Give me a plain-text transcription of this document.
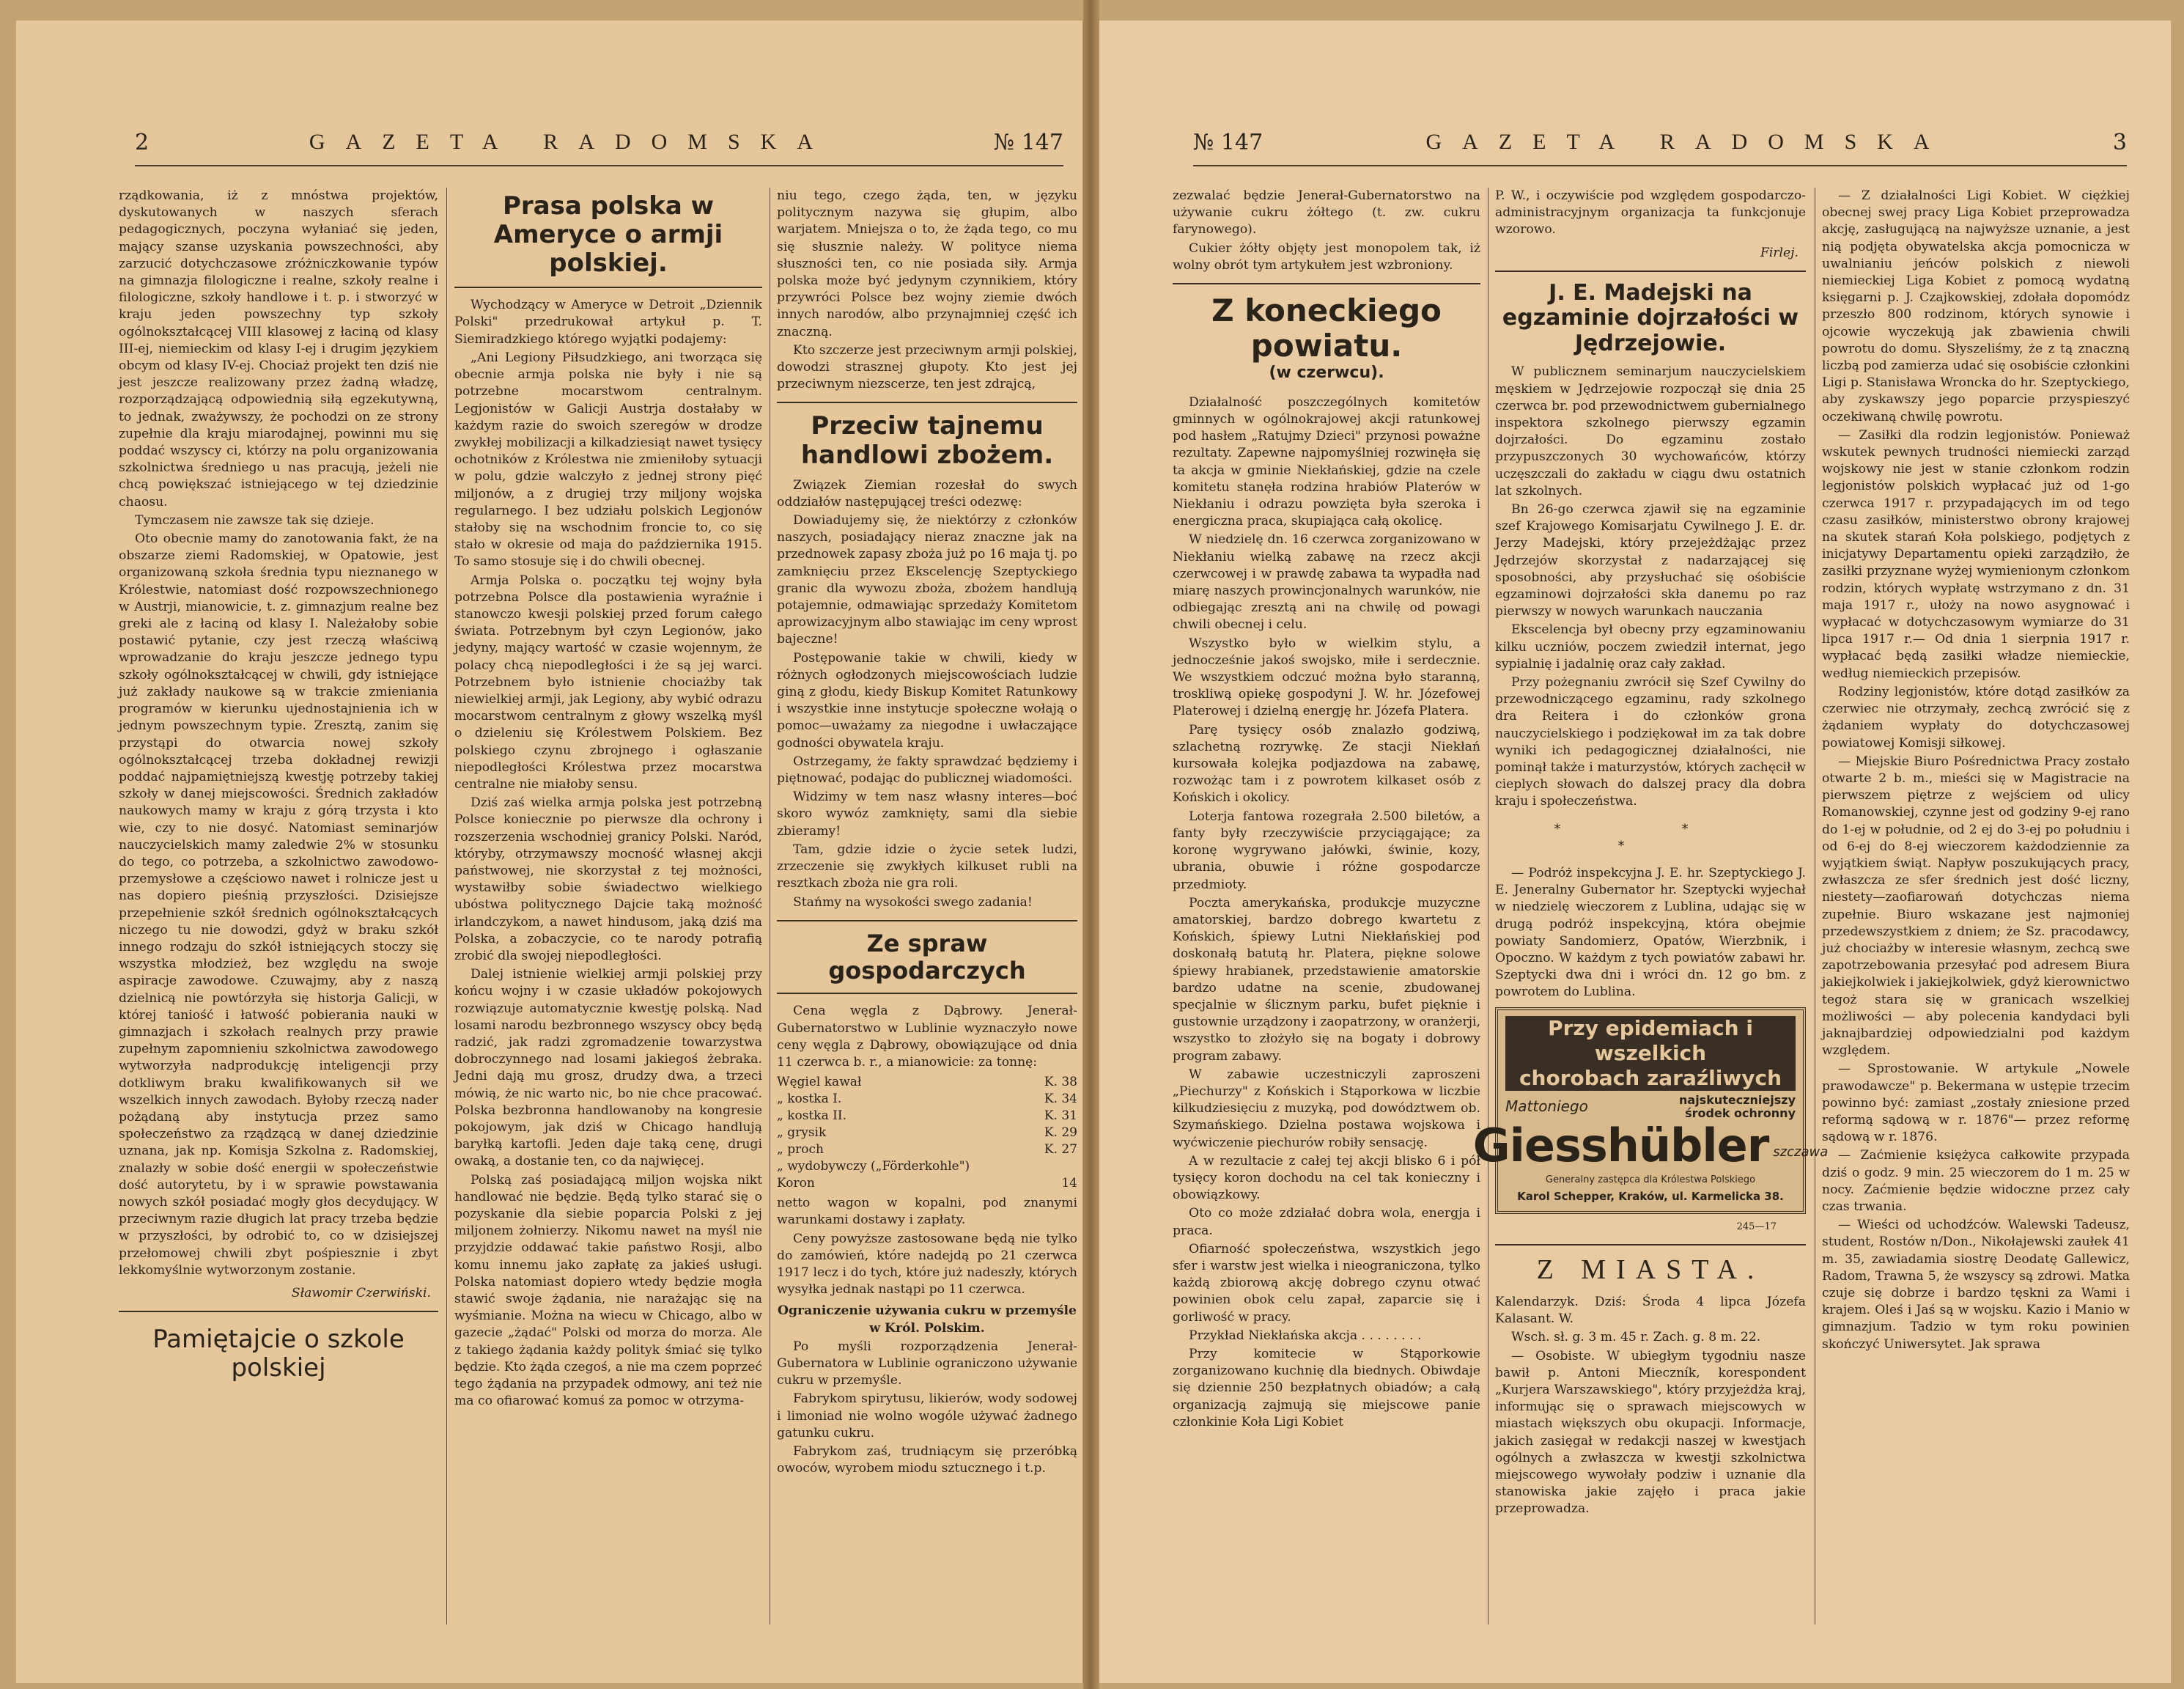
2	GAZETA RADOMSKA	№ 147

rządkowania, iż z mnóstwa projektów, dyskutowanych w naszych sferach pedagogicznych, poczyna wyłaniać się jeden, mający szanse uzyskania powszechności, aby zarzucić dotychczasowe zróżniczkowanie typów na gimnazja filologiczne i realne, szkoły realne i filologiczne, szkoły handlowe i t. p. i stworzyć w kraju jeden powszechny typ szkoły ogólnokształcącej VIII klasowej z łaciną od klasy III-ej, niemieckim od klasy I-ej i drugim językiem obcym od klasy IV-ej. Chociaż projekt ten dziś nie jest jeszcze realizowany przez żadną władzę, rozporządzającą odpowiednią siłą egzekutywną, to jednak, zważywszy, że pochodzi on ze strony zupełnie dla kraju miarodajnej, powinni mu się poddać wszyscy ci, którzy na polu organizowania szkolnictwa średniego u nas pracują, jeżeli nie chcą powiększać istniejącego w tej dziedzinie chaosu.

Tymczasem nie zawsze tak się dzieje.

Oto obecnie mamy do zanotowania fakt, że na obszarze ziemi Radomskiej, w Opatowie, jest organizowaną szkoła średnia typu nieznanego w Królestwie, natomiast dość rozpowszechnionego w Austrji, mianowicie, t. z. gimnazjum realne bez greki ale z łaciną od klasy I. Należałoby sobie postawić pytanie, czy jest rzeczą właściwą wprowadzanie do kraju jeszcze jednego typu szkoły ogólnokształcącej w chwili, gdy istniejące już zakłady naukowe są w trakcie zmieniania programów w kierunku ujednostajnienia ich w jednym powszechnym typie. Zresztą, zanim się przystąpi do otwarcia nowej szkoły ogólnokształcącej trzeba dokładnej rewizji poddać najpamiętniejszą kwestję potrzeby takiej szkoły w danej miejscowości. Średnich zakładów naukowych mamy w kraju z górą trzysta i kto wie, czy to nie dosyć. Natomiast seminarjów nauczycielskich mamy zaledwie 2% w stosunku do tego, co potrzeba, a szkolnictwo zawodowo-przemysłowe a częściowo nawet i rolnicze jest u nas dopiero pieśnią przyszłości. Dzisiejsze przepełnienie szkół średnich ogólnokształcących niczego tu nie dowodzi, gdyż w braku szkół innego rodzaju do szkół istniejących stoczy się wszystka młodzież, bez względu na swoje aspiracje zawodowe. Czuwajmy, aby z naszą dzielnicą nie powtórzyła się historja Galicji, w której taniość i łatwość pobierania nauki w gimnazjach i szkołach realnych przy prawie zupełnym zapomnieniu szkolnictwa zawodowego wytworzyła nadprodukcję inteligencji przy dotkliwym braku kwalifikowanych sił we wszelkich innych zawodach. Byłoby rzeczą nader pożądaną aby instytucja przez samo społeczeństwo za rządzącą w danej dziedzinie uznana, jak np. Komisja Szkolna z. Radomskiej, znalazły w sobie dość energii w społeczeństwie dość autorytetu, by i w sprawie powstawania nowych szkół posiadać mogły głos decydujący. W przeciwnym razie długich lat pracy trzeba będzie w przyszłości, by odrobić to, co w dzisiejszej przełomowej chwili zbyt pośpiesznie i zbyt lekkomyślnie wytworzonym zostanie.

Sławomir Czerwiński.
Pamiętajcie o szkole polskiej
Prasa polska w Ameryce o armji polskiej.

Wychodzący w Ameryce w Detroit „Dziennik Polski" przedrukował artykuł p. T. Siemiradzkiego którego wyjątki podajemy:

„Ani Legiony Piłsudzkiego, ani tworząca się obecnie armja polska nie były i nie są potrzebne mocarstwom centralnym. Legjonistów w Galicji Austrja dostałaby w każdym razie do swoich szeregów w drodze zwykłej mobilizacji a kilkadziesiąt nawet tysięcy ochotników z Królestwa nie zmieniłoby sytuacji w polu, gdzie walczyło z jednej strony pięć miljonów, a z drugiej trzy miljony wojska regularnego. I bez udziału polskich Legjonów stałoby się na wschodnim froncie to, co się stało w okresie od maja do października 1915. To samo stosuje się i do chwili obecnej.

Armja Polska o. początku tej wojny była potrzebna Polsce dla postawienia wyraźnie i stanowczo kwesji polskiej przed forum całego świata. Potrzebnym był czyn Legionów, jako jedyny, mający wartość w czasie wojennym, że polacy chcą niepodległości i że są jej warci. Potrzebnem było istnienie chociażby tak niewielkiej armji, jak Legiony, aby wybić odrazu mocarstwom centralnym z głowy wszelką myśl o dzieleniu się Królestwem Polskiem. Bez polskiego czynu zbrojnego i ogłaszanie niepodległości Królestwa przez mocarstwa centralne nie miałoby sensu.

Dziś zaś wielka armja polska jest potrzebną Polsce koniecznie po pierwsze dla ochrony i rozszerzenia wschodniej granicy Polski. Naród, któryby, otrzymawszy mocność własnej akcji państwowej, nie skorzystał z tej możności, wystawiłby sobie świadectwo wielkiego ubóstwa politycznego Dajcie taką możność irlandczykom, a nawet hindusom, jaką dziś ma Polska, a zobaczycie, co te narody potrafią zrobić dla swojej niepodległości.

Dalej istnienie wielkiej armji polskiej przy końcu wojny i w czasie układów pokojowych rozwiązuje automatycznie kwestję polską. Nad losami narodu bezbronnego wszyscy obcy będą radzić, jak radzi zgromadzenie towarzystwa dobroczynnego nad losami jakiegoś żebraka. Jedni dają mu grosz, drudzy dwa, a trzeci mówią, że nic warto nic, bo nie chce pracować. Polska bezbronna handlowanoby na kongresie pokojowym, jak dziś w Chicago handlują baryłką kartofli. Jeden daje taką cenę, drugi owaką, a dostanie ten, co da najwięcej.

Polską zaś posiadającą miljon wojska nikt handlować nie będzie. Będą tylko starać się o pozyskanie dla siebie poparcia Polski z jej miljonem żołnierzy. Nikomu nawet na myśl nie przyjdzie oddawać takie państwo Rosji, albo komu innemu jako zapłatę za jakieś usługi. Polska natomiast dopiero wtedy będzie mogła stawić swoje żądania, nie narażając się na wyśmianie. Można na wiecu w Chicago, albo w gazecie „żądać" Polski od morza do morza. Ale z takiego żądania każdy polityk śmiać się tylko będzie. Kto żąda czegoś, a nie ma czem poprzeć tego żądania na przypadek odmowy, ani też nie ma co ofiarować komuś za pomoc w otrzyma-

niu tego, czego żąda, ten, w języku politycznym nazywa się głupim, albo warjatem. Mniejsza o to, że żąda tego, co mu się słusznie należy. W polityce niema słuszności ten, co nie posiada siły. Armja polska może być jedynym czynnikiem, który przywróci Polsce bez wojny ziemie dwóch innych narodów, albo przynajmniej część ich znaczną.

Kto szczerze jest przeciwnym armji polskiej, dowodzi strasznej głupoty. Kto jest jej przeciwnym niezscerze, ten jest zdrajcą,

Przeciw tajnemu handlowi zbożem.

Związek Ziemian rozesłał do swych oddziałów następującej treści odezwę:

Dowiadujemy się, że niektórzy z członków naszych, posiadający nieraz znaczne jak na przednowek zapasy zboża już po 16 maja tj. po zamknięciu przez Ekscelencję Szeptyckiego granic dla wywozu zboża, zbożem handlują potajemnie, odmawiając sprzedaży Komitetom aprowizacyjnym albo stawiając im ceny wprost bajeczne!

Postępowanie takie w chwili, kiedy w różnych ogłodzonych miejscowościach ludzie giną z głodu, kiedy Biskup Komitet Ratunkowy i wszystkie inne instytucje społeczne wołają o pomoc—uważamy za niegodne i uwłaczające godności obywatela kraju.

Ostrzegamy, że fakty sprawdzać będziemy i piętnować, podając do publicznej wiadomości.

Widzimy w tem nasz własny interes—boć skoro wywóz zamknięty, sami dla siebie zbieramy!

Tam, gdzie idzie o życie setek ludzi, zrzeczenie się zwykłych kilkuset rubli na resztkach zboża nie gra roli.

Stańmy na wysokości swego zadania!

Ze spraw gospodarczych

Cena węgla z Dąbrowy. Jenerał-Gubernatorstwo w Lublinie wyznaczyło nowe ceny węgla z Dąbrowy, obowiązujące od dnia 11 czerwca b. r., a mianowicie: za tonnę:

Węgiel kawał	K. 38
„ kostka I.	K. 34
„ kostka II.	K. 31
„ grysik	K. 29
„ proch	K. 27
„ wydobywczy („Förderkohle")	
Koron	14

netto wagon w kopalni, pod znanymi warunkami dostawy i zapłaty.

Ceny powyższe zastosowane będą nie tylko do zamówień, które nadejdą po 21 czerwca 1917 lecz i do tych, które już nadeszły, których wysyłka jednak nastąpi po 11 czerwca.

Ograniczenie używania cukru w przemyśle w Król. Polskim.

Po myśli rozporządzenia Jenerał-Gubernatora w Lublinie ograniczono używanie cukru w przemyśle.

Fabrykom spirytusu, likierów, wody sodowej i limoniad nie wolno wogóle używać żadnego gatunku cukru.

Fabrykom zaś, trudniącym się przeróbką owoców, wyrobem miodu sztucznego i t.p.

№ 147	GAZETA RADOMSKA	3

zezwalać będzie Jenerał-Gubernatorstwo na używanie cukru żółtego (t. zw. cukru farynowego).

Cukier żółty objęty jest monopolem tak, iż wolny obrót tym artykułem jest wzbroniony.

Z koneckiego powiatu.

(w czerwcu).

Działalność poszczególnych komitetów gminnych w ogólnokrajowej akcji ratunkowej pod hasłem „Ratujmy Dzieci" przynosi poważne rezultaty. Zapewne najpomyślniej rozwinęła się ta akcja w gminie Niekłańskiej, gdzie na czele komitetu stanęła rodzina hrabiów Platerów w Niekłaniu i odrazu powzięta była szeroka i energiczna praca, skupiająca całą okolicę.

W niedzielę dn. 16 czerwca zorganizowano w Niekłaniu wielką zabawę na rzecz akcji czerwcowej i w prawdę zabawa ta wypadła nad miarę naszych prowincjonalnych warunków, nie odbiegając zresztą ani na chwilę od powagi chwili obecnej i celu.

Wszystko było w wielkim stylu, a jednocześnie jakoś swojsko, miłe i serdecznie. We wszystkiem odczuć można było staranną, troskliwą opiekę gospodyni J. W. hr. Józefowej Platerowej i dzielną energję hr. Józefa Platera.

Parę tysięcy osób znalazło godziwą, szlachetną rozrywkę. Ze stacji Niekłań kursowała kolejka podjazdowa na zabawę, rozwożąc tam i z powrotem kilkaset osób z Końskich i okolicy.

Loterja fantowa rozegrała 2.500 biletów, a fanty były rzeczywiście przyciągające; za koronę wygrywano jałówki, świnie, kozy, ubrania, obuwie i różne gospodarcze przedmioty.

Poczta amerykańska, produkcje muzyczne amatorskiej, bardzo dobrego kwartetu z Końskich, śpiewy Lutni Niekłańskiej pod doskonałą batutą hr. Platera, piękne solowe śpiewy hrabianek, przedstawienie amatorskie bardzo udatne na scenie, zbudowanej specjalnie w ślicznym parku, bufet pięknie i gustownie urządzony i zaopatrzony, w oranżerji, wszystko to złożyło się na bogaty i dobrowy program zabawy.

W zabawie uczestniczyli zaproszeni „Piechurzy" z Końskich i Stąporkowa w liczbie kilkudziesięciu z muzyką, pod dowództwem ob. Szymańskiego. Dzielna postawa wojskowa i wyćwiczenie piechurów robiły sensację.

A w rezultacie z całej tej akcji blisko 6 i pół tysięcy koron dochodu na cel tak konieczny i obowiązkowy.

Oto co może zdziałać dobra wola, energja i praca.

Ofiarność społeczeństwa, wszystkich jego sfer i warstw jest wielka i nieograniczona, tylko każdą zbiorową akcję dobrego czynu otwać powinien obok celu zapał, zaparcie się i gorliwość w pracy.

Przykład Niekłańska akcja . . . . . . . .

Przy komitecie w Stąporkowie zorganizowano kuchnię dla biednych. Obiwdaje się dziennie 250 bezpłatnych obiadów; a całą organizacją zajmują się miejscowe panie członkinie Koła Ligi Kobiet

P. W., i oczywiście pod względem gospodarczo-administracyjnym organizacja ta funkcjonuje wzorowo.

Firlej.
J. E. Madejski na egzaminie dojrzałości w Jędrzejowie.

W publicznem seminarjum nauczycielskiem męskiem w Jędrzejowie rozpoczął się dnia 25 czerwca br. pod przewodnictwem gubernialnego inspektora szkolnego pierwszy egzamin dojrzałości. Do egzaminu zostało przypuszczonych 30 wychowańców, którzy uczęszczali do zakładu w ciągu dwu ostatnich lat szkolnych.

Bn 26-go czerwca zjawił się na egzaminie szef Krajowego Komisarjatu Cywilnego J. E. dr. Jerzy Madejski, który przejeżdżając przez Jędrzejów skorzystał z nadarzającej się sposobności, aby przysłuchać się ośobiście egzaminowi dojrzałości skła danemu po raz pierwszy w nowych warunkach nauczania

Ekscelencja był obecny przy egzaminowaniu kilku uczniów, poczem zwiedził internat, jego sypialnię i jadalnię oraz cały zakład.

Przy pożegnaniu zwrócił się Szef Cywilny do przewodniczącego egzaminu, rady szkolnego dra Reitera i do członków grona nauczycielskiego i podziękował im za tak dobre wyniki ich pedagogicznej działalności, nie pominął także i maturzystów, których zachęcił w cieplych słowach do dalszej pracy dla dobra kraju i społeczeństwa.

* * *

— Podróż inspekcyjna J. E. hr. Szeptyckiego J. E. Jeneralny Gubernator hr. Szeptycki wyjechał w niedzielę wieczorem z Lublina, udając się w drugą podróż inspekcyjną, która obejmie powiaty Sandomierz, Opatów, Wierzbnik, i Opoczno. W każdym z tych powiatów zabawi hr. Szeptycki dwa dni i wróci dn. 12 go bm. z powrotem do Lublina.

Przy epidemiach i wszelkich
chorobach zaraźliwych
Mattoniego	najskuteczniejszy
środek ochronny
Giesshübler szczawa
Generalny zastępca dla Królestwa Polskiego
Karol Schepper, Kraków, ul. Karmelicka 38.
245—17
Z MIASTA.

Kalendarzyk. Dziś: Środa 4 lipca Józefa Kalasant. W.

Wsch. sł. g. 3 m. 45 r. Zach. g. 8 m. 22.

— Osobiste. W ubiegłym tygodniu nasze bawił p. Antoni Mieczník, korespondent „Kurjera Warszawskiego", który przyjeżdża kraj, informując się o sprawach miejscowych w miastach większych obu okupacji. Informacje, jakich zasięgał w redakcji naszej w kwestjach ogólnych a zwłaszcza w kwestji szkolnictwa miejscowego wywołały podziw i uznanie dla stanowiska jakie zajęło i praca jakie przeprowadza.

— Z działalności Ligi Kobiet. W ciężkiej obecnej swej pracy Liga Kobiet przeprowadza akcję, zasługującą na najwyższe uznanie, a jest nią podjęta obywatelska akcja pomocnicza w uwalnianiu jeńców polskich z niewoli niemieckiej Liga Kobiet z pomocą wydatną księgarni p. J. Czajkowskiej, zdołała dopomódz przeszło 800 rodzinom, których synowie i ojcowie wyczekują jak zbawienia chwili powrotu do domu. Słyszeliśmy, że z tą znaczną liczbą pod zamierza udać się osobiście członkini Ligi p. Stanisława Wroncka do hr. Szeptyckiego, aby zyskawszy jego poparcie przyspieszyć oczekiwaną chwilę powrotu.

— Zasiłki dla rodzin legjonistów. Ponieważ wskutek pewnych trudności niemiecki zarząd wojskowy nie jest w stanie członkom rodzin legjonistów polskich wypłacać już od 1-go czerwca 1917 r. przypadających im od tego czasu zasiłków, ministerstwo obrony krajowej na skutek starań Koła polskiego, podjętych z inicjatywy Departamentu opieki zarządziło, że zasiłki przyznane wyżej wymienionym członkom rodzin, których wypłatę wstrzymano z dn. 31 maja 1917 r., ułoży na nowo asygnować i wypłacać w dotychczasowym wymiarze do 31 lipca 1917 r.— Od dnia 1 sierpnia 1917 r. wypłacać będą zasiłki władze niemieckie, według niemieckich przepisów.

Rodziny legjonistów, które dotąd zasiłków za czerwiec nie otrzymały, zechcą zwrócić się z żądaniem wypłaty do dotychczasowej powiatowej Komisji siłkowej.

— Miejskie Biuro Pośrednictwa Pracy zostało otwarte 2 b. m., mieści się w Magistracie na pierwszem piętrze z wejściem od ulicy Romanowskiej, czynne jest od godziny 9-ej rano do 1-ej w południe, od 2 ej do 3-ej po południu i od 6-ej do 8-ej wieczorem każdodziennie za wyjątkiem świąt. Napływ poszukujących pracy, zwłaszcza ze sfer średnich jest dość liczny, niestety—zaofiarowań dotychczas niema zupełnie. Biuro wskazane jest najmoniej przedewszystkiem z dniem; że Sz. pracodawcy, już chociażby w interesie własnym, zechcą swe zapotrzebowania przesyłać pod adresem Biura jakiejkolwiek i jakiejkolwiek, gdyż kierownictwo tegoż stara się w granicach wszelkiej możliwości — aby polecenia kandydaci byli jaknajbardziej odpowiedzialni pod każdym względem.

— Sprostowanie. W artykule „Nowele prawodawcze" p. Bekermana w ustępie trzecim powinno być: zamiast „zostały zniesione przed reformą sądową w r. 1876"— przez reformę sądową w r. 1876.

— Zaćmienie księżyca całkowite przypada dziś o godz. 9 min. 25 wieczorem do 1 m. 25 w nocy. Zaćmienie będzie widoczne przez cały czas trwania.

— Wieści od uchodźców. Walewski Tadeusz, student, Rostów n/Don., Nikołajewski zaułek 41 m. 35, zawiadamia siostrę Deodatę Gallewicz, Radom, Trawna 5, że wszyscy są zdrowi. Matka czuje się dobrze i bardzo tęskni za Wami i krajem. Oleś i Jaś są w wojsku. Kazio i Manio w gimnazjum. Tadzio w tym roku powinien skończyć Uniwersytet. Jak sprawa
